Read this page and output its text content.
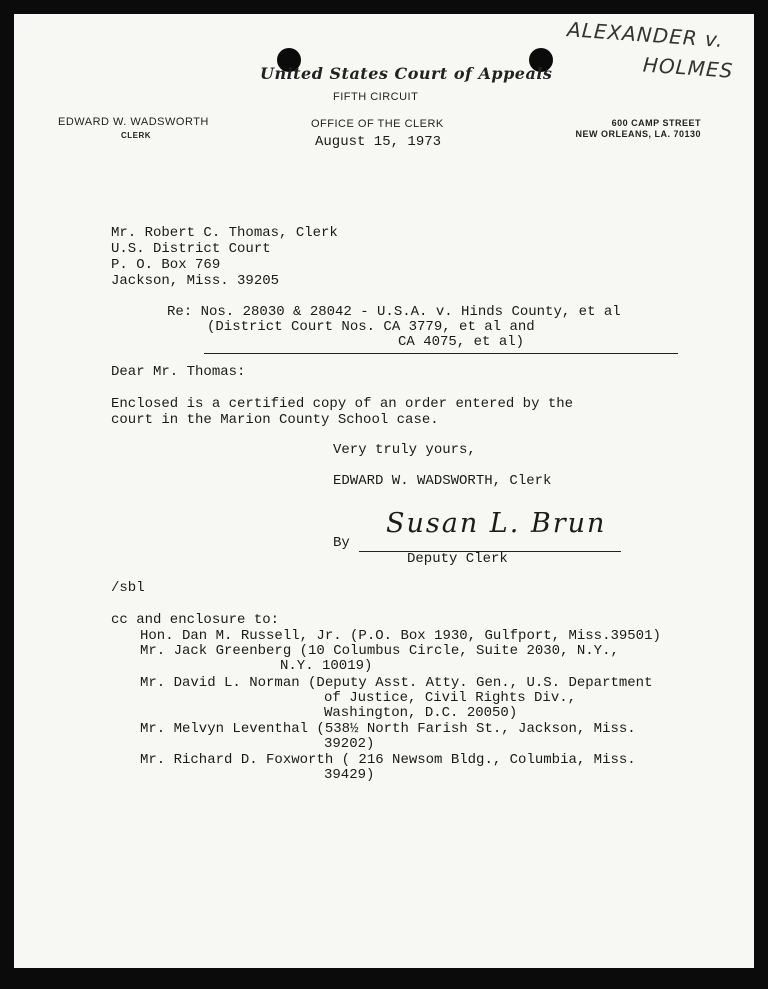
ALEXANDER v.
HOLMES
United States Court of Appeals
FIFTH CIRCUIT
EDWARD W. WADSWORTH
CLERK
OFFICE OF THE CLERK
August 15, 1973
600 CAMP STREET
NEW ORLEANS, LA. 70130
Mr. Robert C. Thomas, Clerk
U.S. District Court
P. O. Box 769
Jackson, Miss. 39205
Re: Nos. 28030 & 28042 - U.S.A. v. Hinds County, et al
(District Court Nos. CA 3779, et al and
CA 4075, et al)
Dear Mr. Thomas:
Enclosed is a certified copy of an order entered by the
court in the Marion County School case.
Very truly yours,
EDWARD W. WADSWORTH, Clerk
By
Susan L. Brun
Deputy Clerk
/sbl
cc and enclosure to:
Hon. Dan M. Russell, Jr. (P.O. Box 1930, Gulfport, Miss.39501)
Mr. Jack Greenberg (10 Columbus Circle, Suite 2030, N.Y.,
N.Y. 10019)
Mr. David L. Norman (Deputy Asst. Atty. Gen., U.S. Department
of Justice, Civil Rights Div.,
Washington, D.C. 20050)
Mr. Melvyn Leventhal (538½ North Farish St., Jackson, Miss.
39202)
Mr. Richard D. Foxworth ( 216 Newsom Bldg., Columbia, Miss.
39429)
